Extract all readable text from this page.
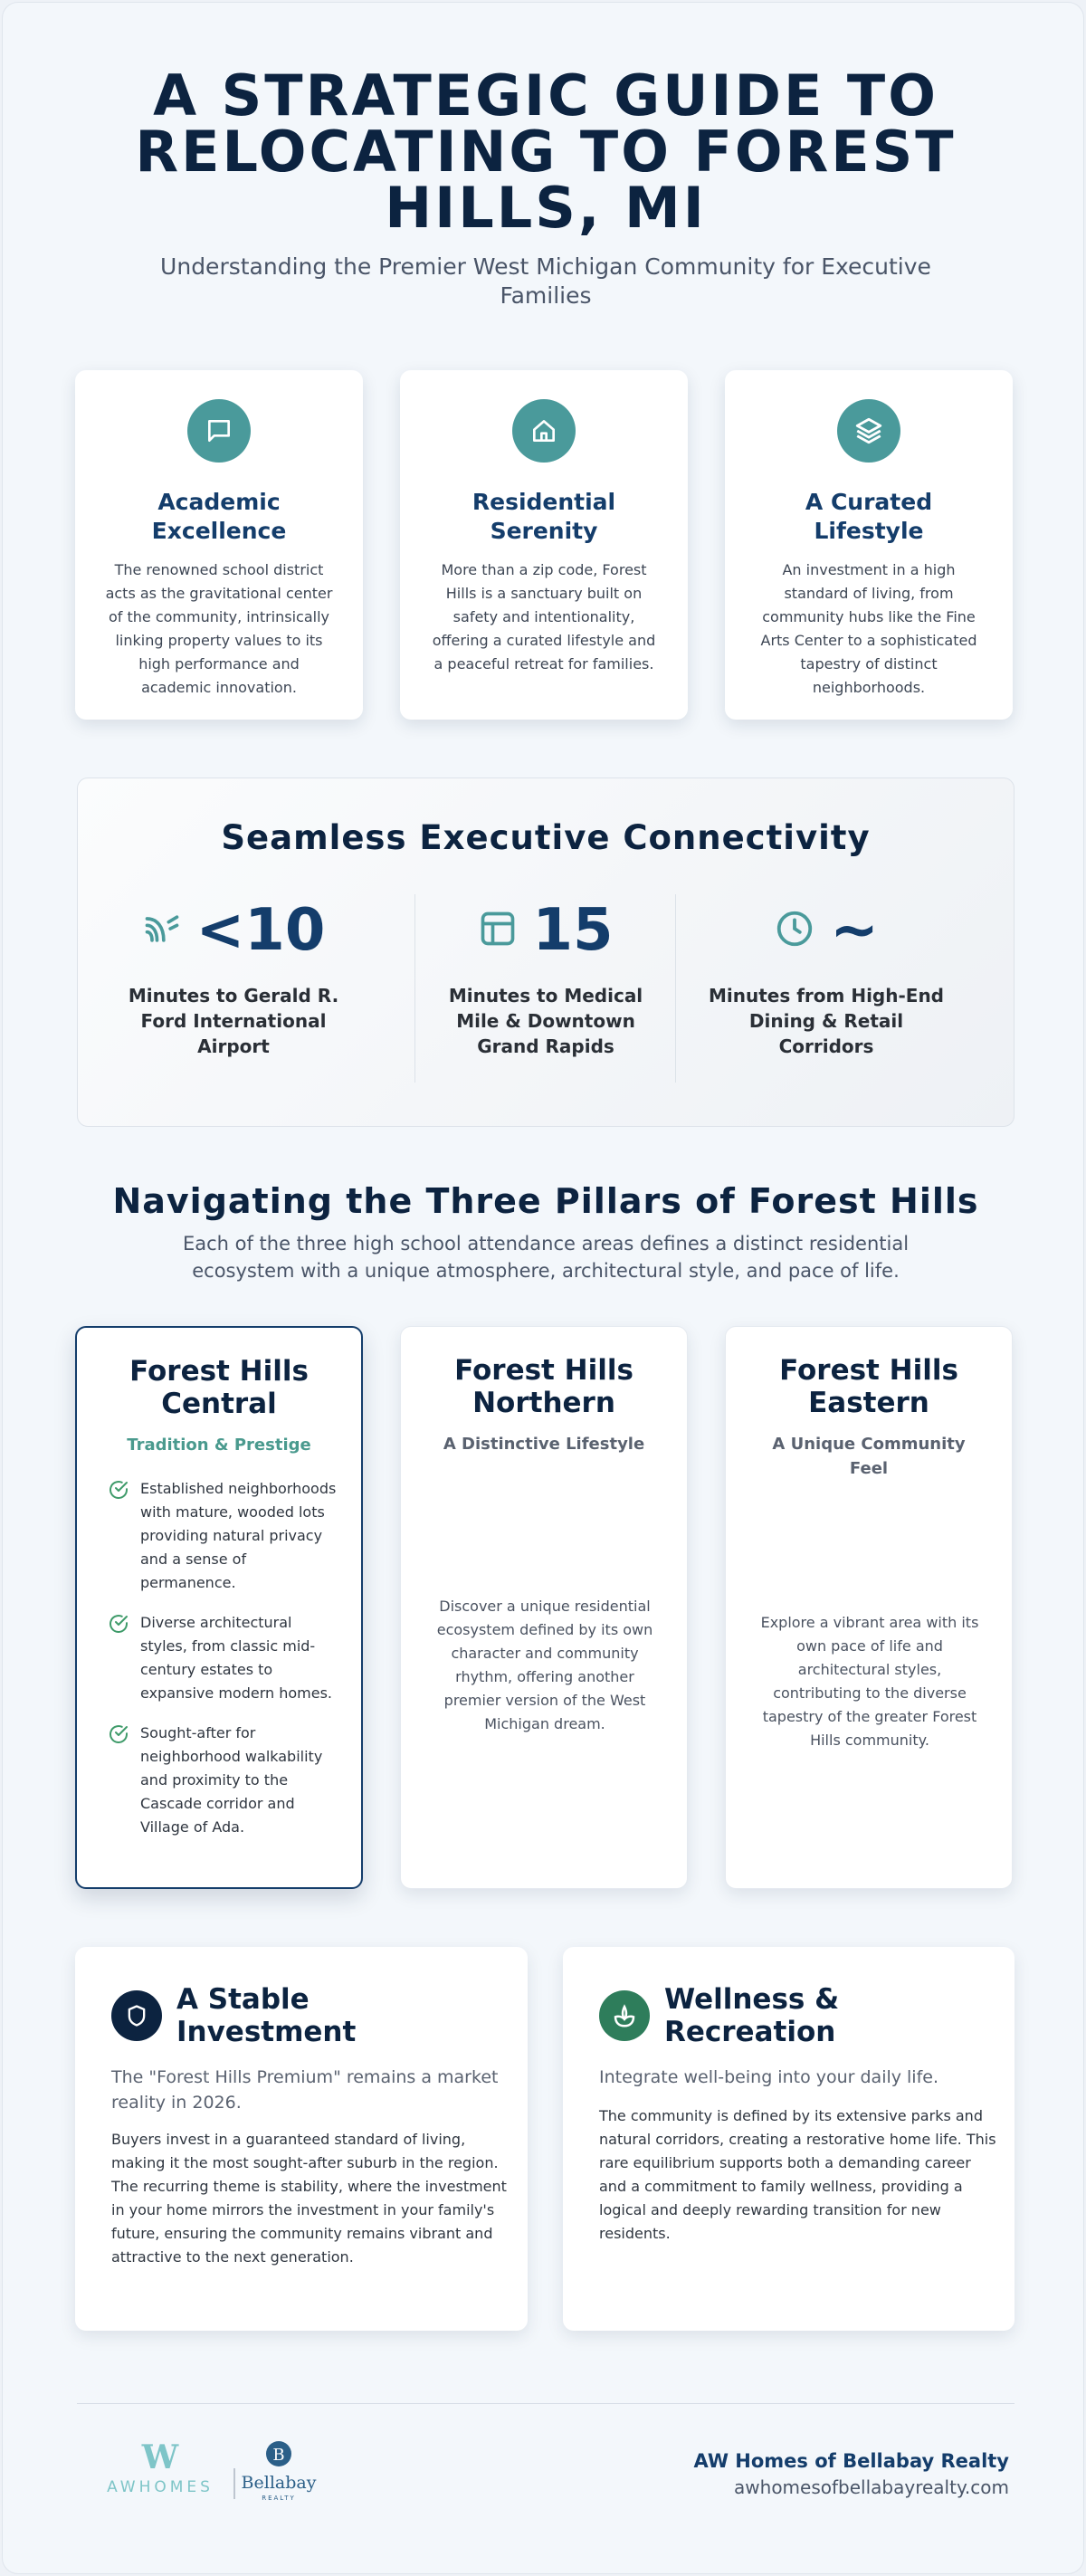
A STRATEGIC GUIDE TO RELOCATING TO FOREST HILLS, MI

Understanding the Premier West Michigan Community for Executive Families

Academic Excellence
The renowned school district acts as the gravitational center of the community, intrinsically linking property values to its high performance and academic innovation.
Residential Serenity
More than a zip code, Forest Hills is a sanctuary built on safety and intentionality, offering a curated lifestyle and a peaceful retreat for families.
A Curated Lifestyle
An investment in a high standard of living, from community hubs like the Fine Arts Center to a sophisticated tapestry of distinct neighborhoods.
Seamless Executive Connectivity
<10
Minutes to Gerald R. Ford International Airport
15
Minutes to Medical Mile & Downtown Grand Rapids
~
Minutes from High-End Dining & Retail Corridors
Navigating the Three Pillars of Forest Hills

Each of the three high school attendance areas defines a distinct residential ecosystem with a unique atmosphere, architectural style, and pace of life.

Forest Hills Central
Tradition & Prestige
Established neighborhoods with mature, wooded lots providing natural privacy and a sense of permanence.
Diverse architectural styles, from classic mid-century estates to expansive modern homes.
Sought-after for neighborhood walkability and proximity to the Cascade corridor and Village of Ada.
Forest Hills Northern
A Distinctive Lifestyle
Discover a unique residential ecosystem defined by its own character and community rhythm, offering another premier version of the West Michigan dream.
Forest Hills Eastern
A Unique Community Feel
Explore a vibrant area with its own pace of life and architectural styles, contributing to the diverse tapestry of the greater Forest Hills community.
A Stable Investment
The "Forest Hills Premium" remains a market reality in 2026.
Buyers invest in a guaranteed standard of living, making it the most sought-after suburb in the region. The recurring theme is stability, where the investment in your home mirrors the investment in your family's future, ensuring the community remains vibrant and attractive to the next generation.
Wellness & Recreation
Integrate well-being into your daily life.
The community is defined by its extensive parks and natural corridors, creating a restorative home life. This rare equilibrium supports both a demanding career and a commitment to family wellness, providing a logical and deeply rewarding transition for new residents.
W
AWHOMES
B
Bellabay
REALTY
AW Homes of Bellabay Realty
awhomesofbellabayrealty.com
